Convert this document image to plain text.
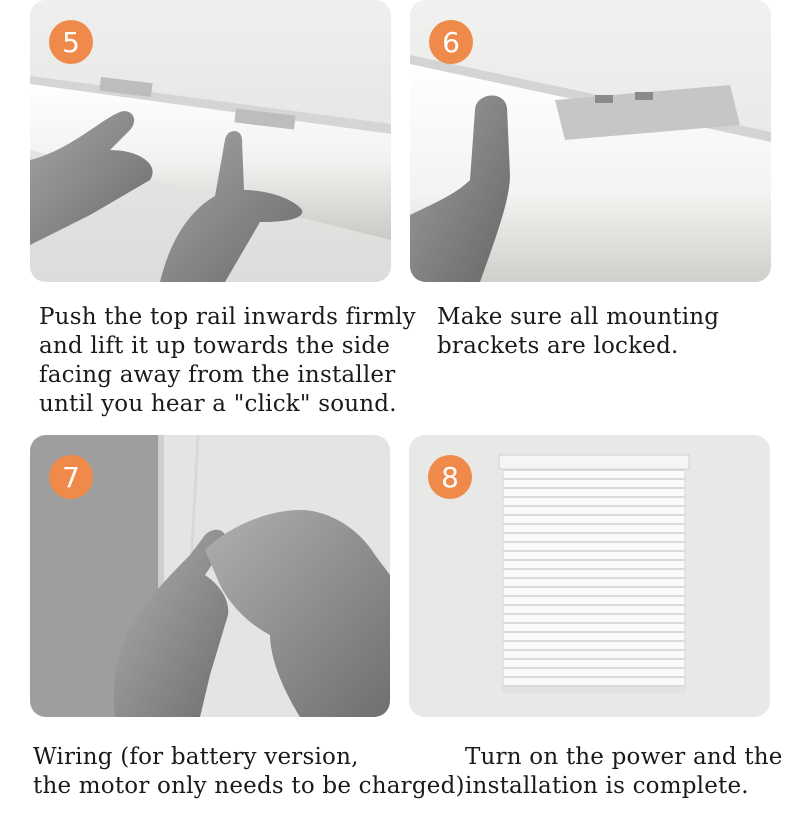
5	6
7	8
Push the top rail inwards firmly
and lift it up towards the side
facing away from the installer
until you hear a "click" sound.
Make sure all mounting
brackets are locked.
Wiring (for battery version,
the motor only needs to be charged)
Turn on the power and the
installation is complete.
